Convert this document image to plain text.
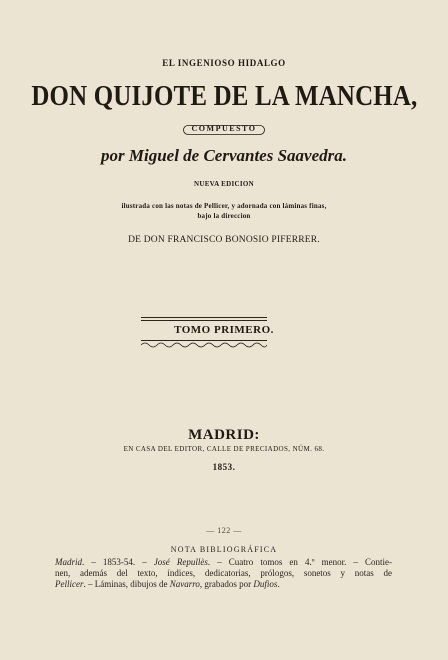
EL INGENIOSO HIDALGO
DON QUIJOTE DE LA MANCHA,
COMPUESTO
por Miguel de Cervantes Saavedra.
NUEVA EDICION
ilustrada con las notas de Pellicer, y adornada con láminas finas,
bajo la direccion
DE DON FRANCISCO BONOSIO PIFERRER.
TOMO PRIMERO.
MADRID:
EN CASA DEL EDITOR, CALLE DE PRECIADOS, NÚM. 68.
1853.
— 122 —
NOTA BIBLIOGRÁFICA
Madrid. – 1853-54. – José Repullès. – Cuatro tomos en 4.º menor. – Contie-
nen, además del texto, índices, dedicatorias, prólogos, sonetos y notas de
Pellicer. – Láminas, dibujos de Navarro, grabados por Dufios.
